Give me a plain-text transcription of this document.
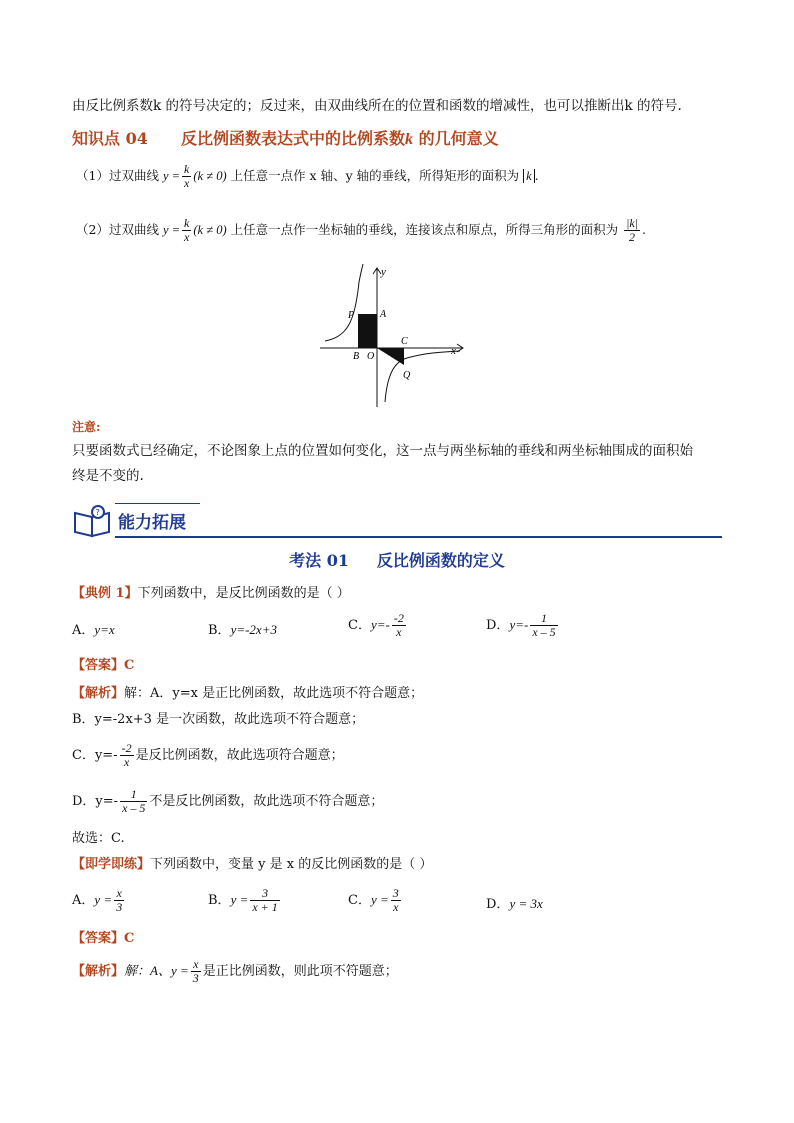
由反比例系数k 的符号决定的；反过来，由双曲线所在的位置和函数的增减性，也可以推断出k 的符号.
知识点 04 反比例函数表达式中的比例系数k 的几何意义
（1）过双曲线 $y = \frac{k}{x} (k \ne 0)$ 上任意一点作 x 轴、y 轴的垂线，所得矩形的面积为 k .
（2）过双曲线 $y = \frac{k}{x} (k \ne 0)$ 上任意一点作一坐标轴的垂线，连接该点和原点，所得三角形的面积为 $\frac{|k|}{2}$ .
y
x
P	A
B O
C
Q
注意:
只要函数式已经确定，不论图象上点的位置如何变化，这一点与两坐标轴的垂线和两坐标轴围成的面积始
终是不变的.
?
能力拓展
考法 01     反比例函数的定义
【典例 1】下列函数中，是反比例函数的是（ ）
A．y=x	B．y=-2x+3	C．$y=- \frac{-2}{x}$	D．$y=- \frac{1}{x - 5}$
【答案】C
【解析】解：A．y=x 是正比例函数，故此选项不符合题意；
B．y=-2x+3 是一次函数，故此选项不符合题意；
C．$y=- \frac{-2}{x}$ 是反比例函数，故此选项符合题意；
D．$y=- \frac{1}{x - 5}$ 不是反比例函数，故此选项不符合题意；
故选：C.
【即学即练】下列函数中，变量 y 是 x 的反比例函数的是（ ）
A．$y = \frac{x}{3}$	B．$y = \frac{3}{x + 1}$	C．$y = \frac{3}{x}$	D．y = 3x
【答案】C
【解析】解：A、$y = \frac{x}{3}$ 是正比例函数，则此项不符题意；
